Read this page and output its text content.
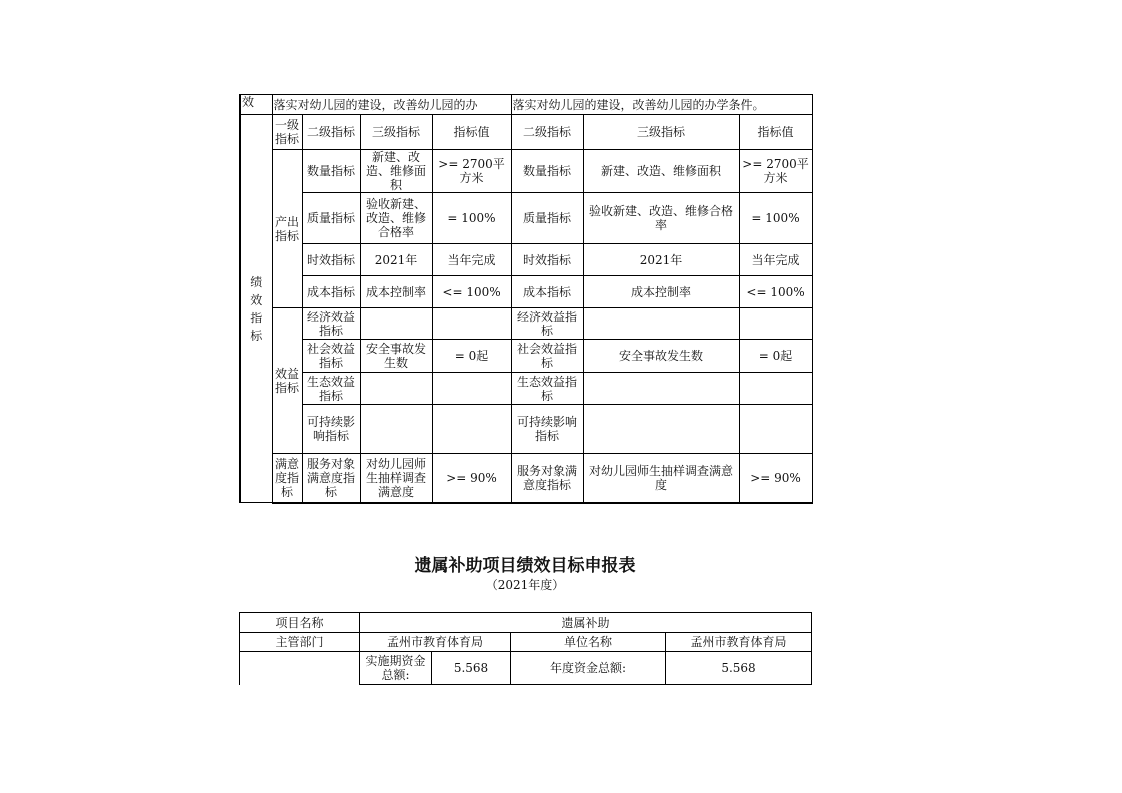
效	落实对幼儿园的建设，改善幼儿园的办				落实对幼儿园的建设，改善幼儿园的办学条件。		
绩效指标	一级指标	二级指标	三级指标	指标值	二级指标	三级指标	指标值
	产出指标	数量指标	新建、改造、维修面积	>= 2700平方米	数量指标	新建、改造、维修面积	>= 2700平方米
		质量指标	验收新建、改造、维修合格率	= 100%	质量指标	验收新建、改造、维修合格率	= 100%
		时效指标	2021年	当年完成	时效指标	2021年	当年完成
		成本指标	成本控制率	<= 100%	成本指标	成本控制率	<= 100%
	效益指标	经济效益指标			经济效益指标		
		社会效益指标	安全事故发生数	= 0起	社会效益指标	安全事故发生数	= 0起
		生态效益指标			生态效益指标		
		可持续影响指标			可持续影响指标		
	满意度指标	服务对象满意度指标	对幼儿园师生抽样调查满意度	>= 90%	服务对象满意度指标	对幼儿园师生抽样调查满意度	>= 90%
遗属补助项目绩效目标申报表
（2021年度）
项目名称	遗属补助			
主管部门	孟州市教育体育局		单位名称	孟州市教育体育局
	实施期资金总额:	5.568	年度资金总额:	5.568
